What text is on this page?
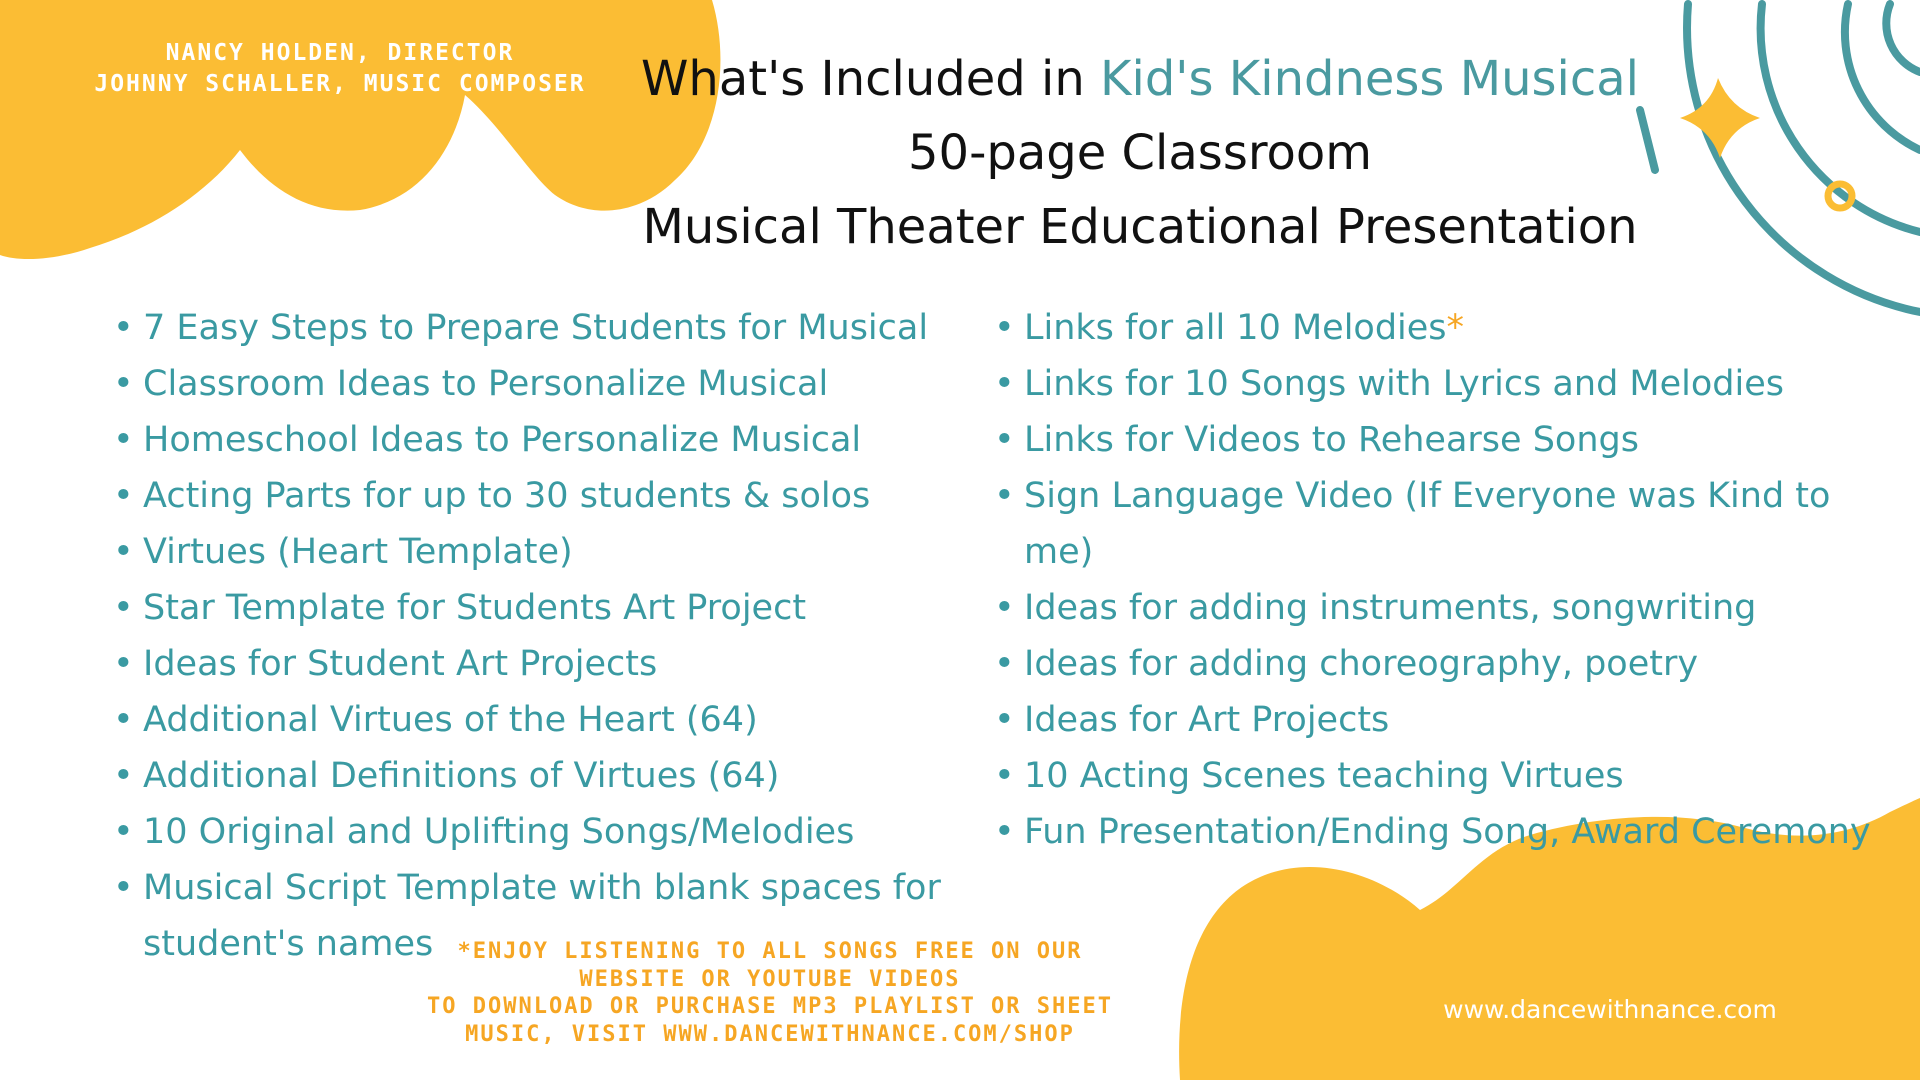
NANCY HOLDEN, DIRECTOR
JOHNNY SCHALLER, MUSIC COMPOSER	What's Included in Kid's Kindness Musical
50-page Classroom
Musical Theater Educational Presentation
• 7 Easy Steps to Prepare Students for Musical
• Classroom Ideas to Personalize Musical
• Homeschool Ideas to Personalize Musical
• Acting Parts for up to 30 students & solos
• Virtues (Heart Template)
• Star Template for Students Art Project
• Ideas for Student Art Projects
• Additional Virtues of the Heart (64)
• Additional Definitions of Virtues (64)
• 10 Original and Uplifting Songs/Melodies
• Musical Script Template with blank spaces for student's names
• Links for all 10 Melodies*
• Links for 10 Songs with Lyrics and Melodies
• Links for Videos to Rehearse Songs
• Sign Language Video (If Everyone was Kind to me)
• Ideas for adding instruments, songwriting
• Ideas for adding choreography, poetry
• Ideas for Art Projects
• 10 Acting Scenes teaching Virtues
• Fun Presentation/Ending Song, Award Ceremony
*ENJOY LISTENING TO ALL SONGS FREE ON OUR
WEBSITE OR YOUTUBE VIDEOS
TO DOWNLOAD OR PURCHASE MP3 PLAYLIST OR SHEET
MUSIC, VISIT WWW.DANCEWITHNANCE.COM/SHOP
www.dancewithnance.com
